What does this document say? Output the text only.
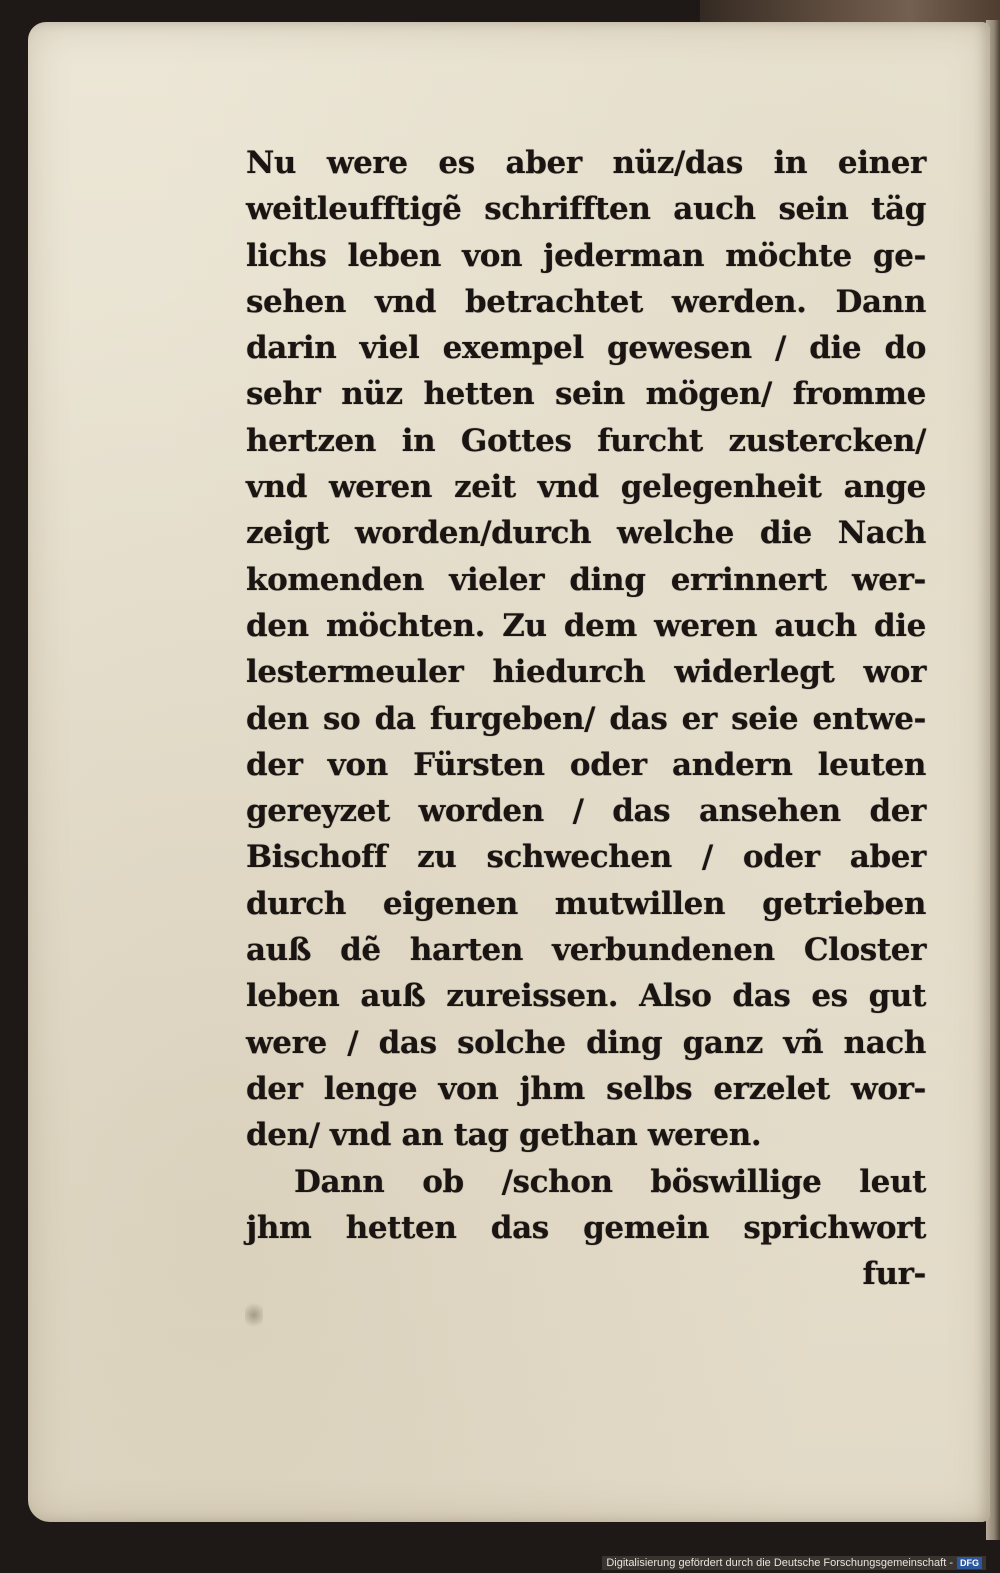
Nu were es aber nüz/das in einer
weitleufftigẽ schrifften auch sein täg
lichs leben von jederman möchte ge-
sehen vnd betrachtet werden. Dann
darin viel exempel gewesen / die do
sehr nüz hetten sein mögen/ fromme
hertzen in Gottes furcht zustercken/
vnd weren zeit vnd gelegenheit ange
zeigt worden/durch welche die Nach
komenden vieler ding errinnert wer-
den möchten. Zu dem weren auch die
lestermeuler hiedurch widerlegt wor
den so da furgeben/ das er seie entwe-
der von Fürsten oder andern leuten
gereyzet worden / das ansehen der
Bischoff zu schwechen / oder aber
durch eigenen mutwillen getrieben
auß dẽ harten verbundenen Closter
leben auß zureissen. Also das es gut
were / das solche ding ganz vñ nach
der lenge von jhm selbs erzelet wor-
den/ vnd an tag gethan weren.
Dann ob /schon böswillige leut
jhm hetten das gemein sprichwort
fur-
Digitalisierung gefördert durch die Deutsche Forschungsgemeinschaft - DFG
